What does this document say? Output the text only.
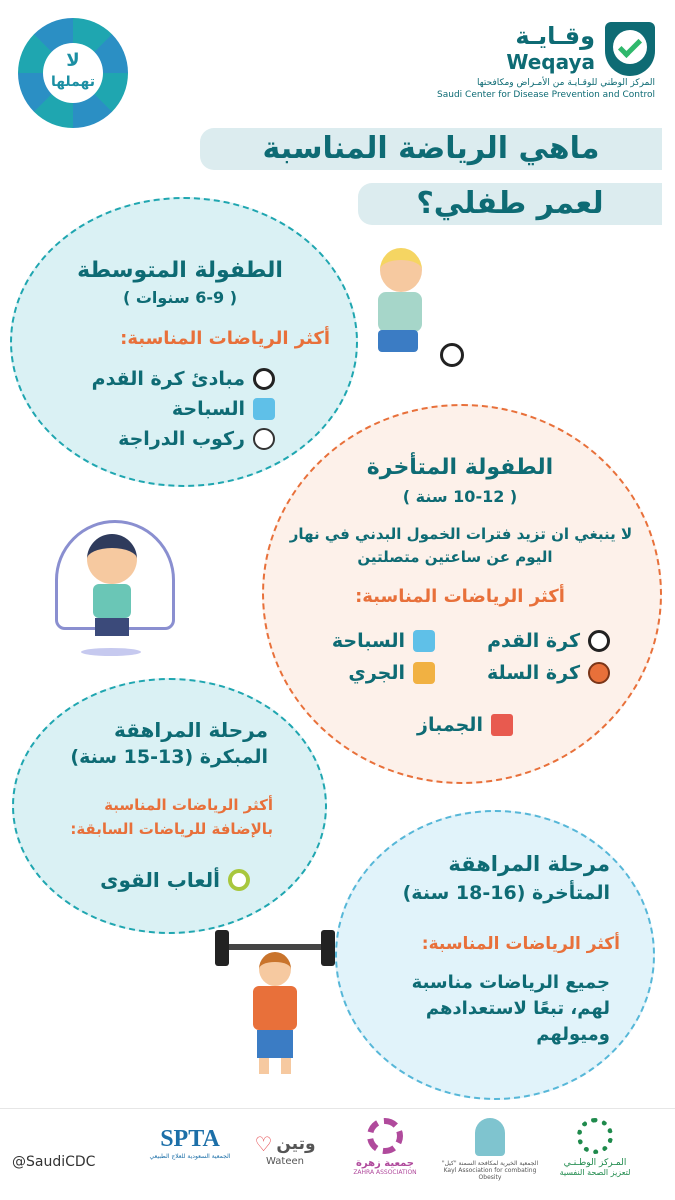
لا
تهملها
وقـايـة
Weqaya
المركز الوطني للوقـايـة من الأمـراض ومكافحتها
Saudi Center for Disease Prevention and Control
ماهي الرياضة المناسبة
لعمر طفلي؟
الطفولة المتوسطة
( 6-9 سنوات )
أكثر الرياضات المناسبة:
مبادئ كرة القدم
السباحة
ركوب الدراجة
الطفولة المتأخرة
( 10-12 سنة )
لا ينبغي ان تزيد فترات الخمول البدني في نهار
اليوم عن ساعتين متصلتين
أكثر الرياضات المناسبة:
كرة القدم
السباحة
كرة السلة
الجري
الجمباز
مرحلة المراهقة
المبكرة (13-15 سنة)
أكثر الرياضات المناسبة
بالإضافة للرياضات السابقة:
ألعاب القوى
مرحلة المراهقة
المتأخرة (16-18 سنة)
أكثر الرياضات المناسبة:
جميع الرياضات مناسبة
لهم، تبعًا لاستعدادهم
وميولهم
@SaudiCDC	المـركز الوطـنـي
لتعزيز الصحة النفسية
الجمعية الخيرية لمكافحة السمنة "كيل"
Kayl Association for combating Obesity
جمعية زهرة
ZAHRA ASSOCIATION
وتين
♡
Wateen
SPTA
الجمعية السعودية للعلاج الطبيعي
